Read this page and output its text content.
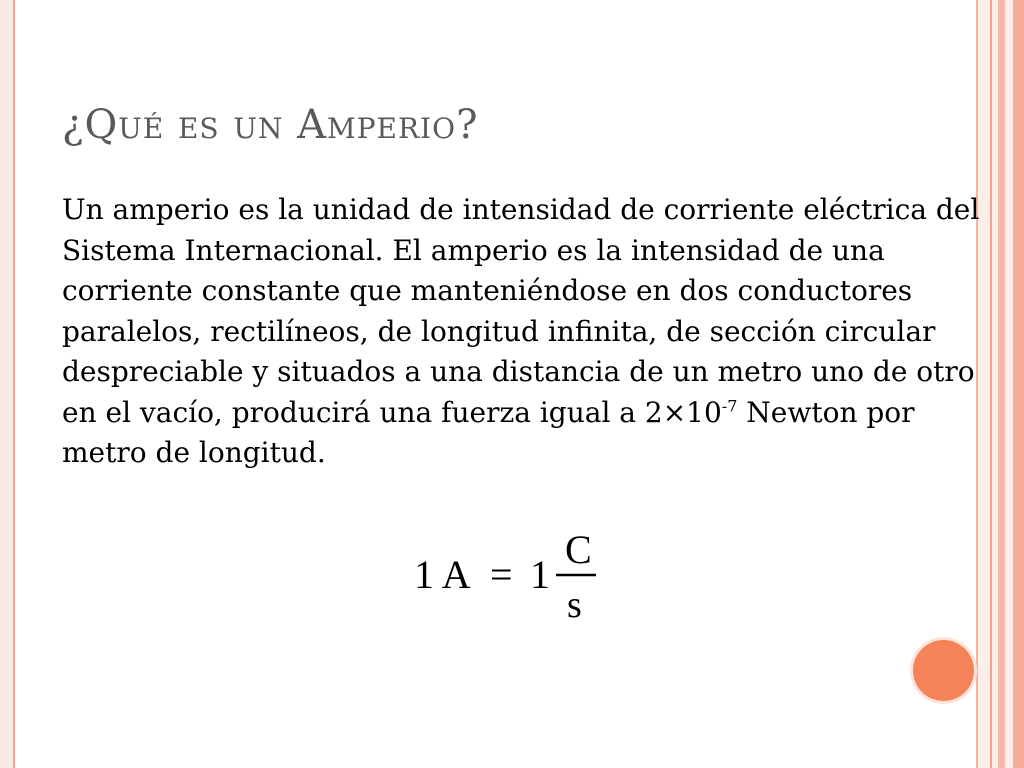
¿Qué es un Amperio?
Un amperio es la unidad de intensidad de corriente eléctrica del Sistema Internacional. El amperio es la intensidad de una corriente constante que manteniéndose en dos conductores paralelos, rectilíneos, de longitud infinita, de sección circular despreciable y situados a una distancia de un metro uno de otro en el vacío, producirá una fuerza igual a $2\times 10^{-7}$ Newton por metro de longitud.
1 A = 1
C
s
